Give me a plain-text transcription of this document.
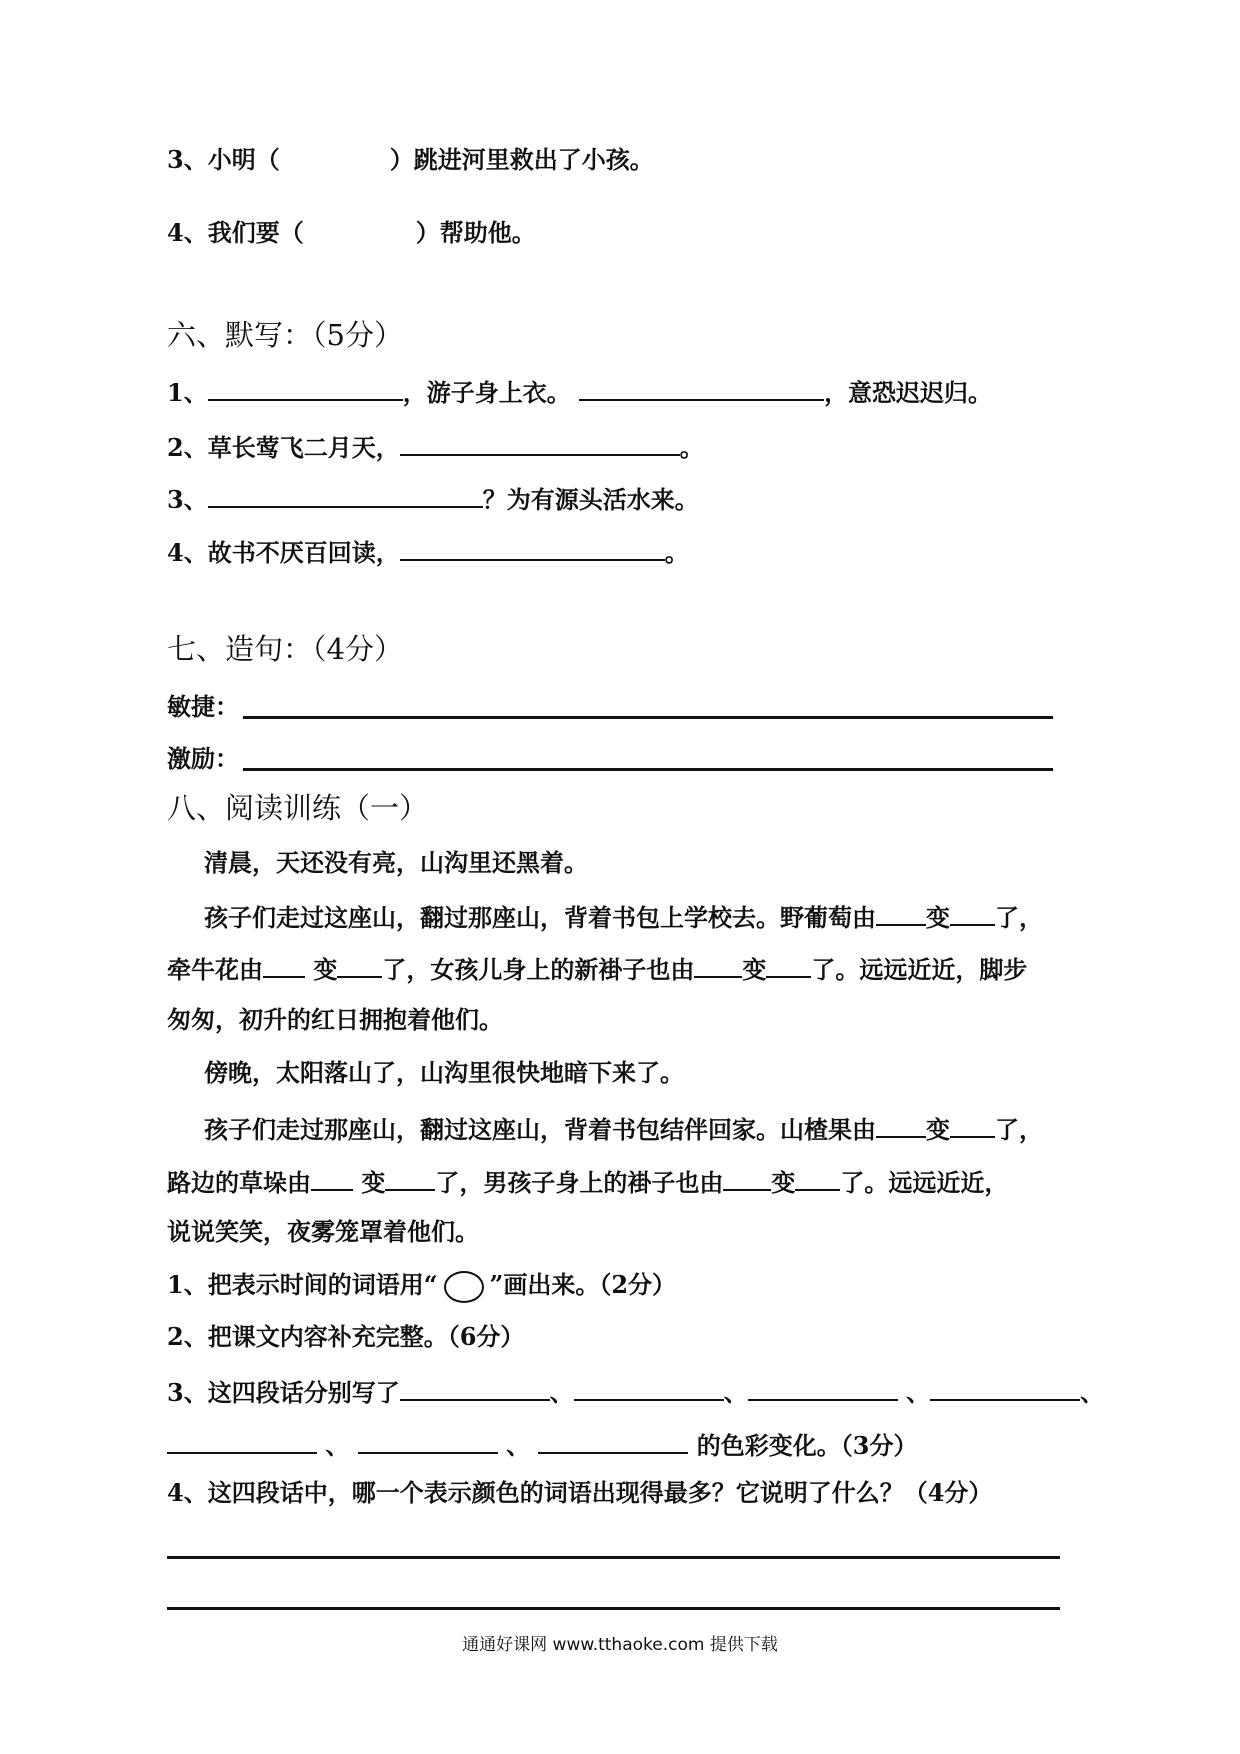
3、小明（	）跳进河里救出了小孩。
4、我们要（	）帮助他。
六、默写：（5分）
1、	，游子身上衣。	，意恐迟迟归。
2、草长莺飞二月天，	。
3、	？为有源头活水来。
4、故书不厌百回读，	。
七、造句：（4分）
敏捷：
激励：
八、阅读训练（一）
清晨，天还没有亮，山沟里还黑着。
孩子们走过这座山，翻过那座山，背着书包上学校去。野葡萄由 变 了，
牵牛花由 变 了，女孩儿身上的新褂子也由 变 了。远远近近，脚步
匆匆，初升的红日拥抱着他们。
傍晚，太阳落山了，山沟里很快地暗下来了。
孩子们走过那座山，翻过这座山，背着书包结伴回家。山楂果由 变 了，
路边的草垛由 变 了，男孩子身上的褂子也由 变 了。远远近近，
说说笑笑，夜雾笼罩着他们。
1、把表示时间的词语用“ ”画出来。（2分）
2、把课文内容补充完整。（6分）
3、这四段话分别写了	、	、	、	、
、	、	的色彩变化。（3分）
4、这四段话中，哪一个表示颜色的词语出现得最多？它说明了什么？（4分）
通通好课网 www.tthaoke.com 提供下载
